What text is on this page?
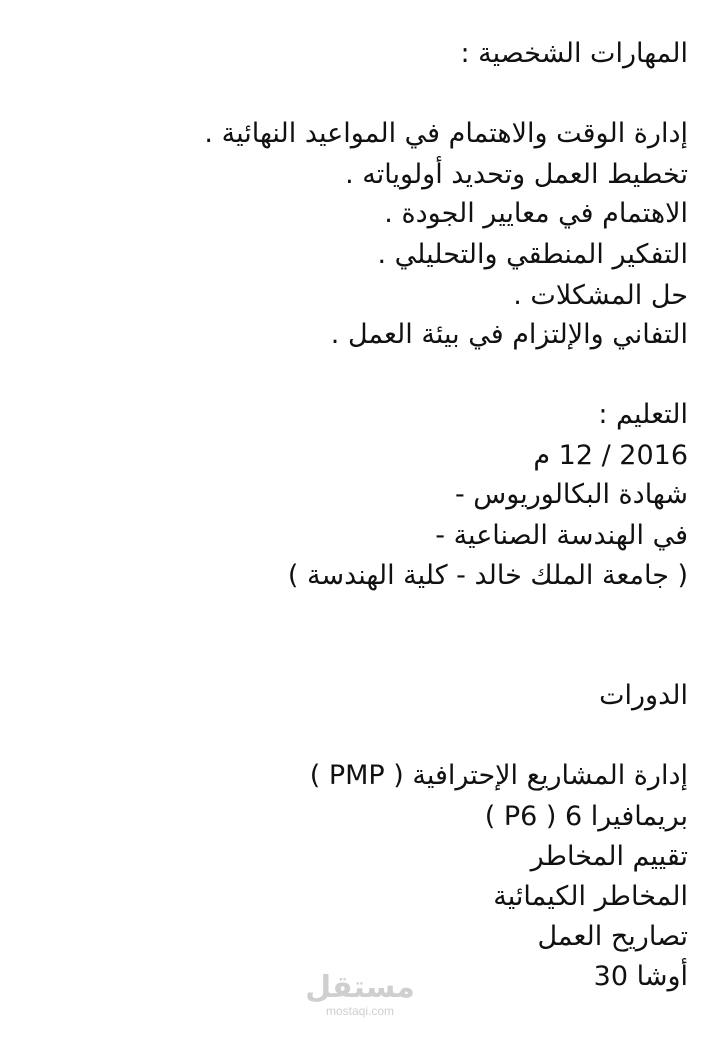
المهارات الشخصية :
إدارة الوقت والاهتمام في المواعيد النهائية .
تخطيط العمل وتحديد أولوياته .
الاهتمام في معايير الجودة .
التفكير المنطقي والتحليلي .
حل المشكلات .
التفاني والإلتزام في بيئة العمل .
التعليم :
2016 / 12 م
شهادة البكالوريوس -
في الهندسة الصناعية -
( جامعة الملك خالد - كلية الهندسة )
الدورات
إدارة المشاريع الإحترافية ( PMP )
بريمافيرا 6 ( P6 )
تقييم المخاطر
المخاطر الكيمائية
تصاريح العمل
أوشا 30
مستقل
mostaqi.com
